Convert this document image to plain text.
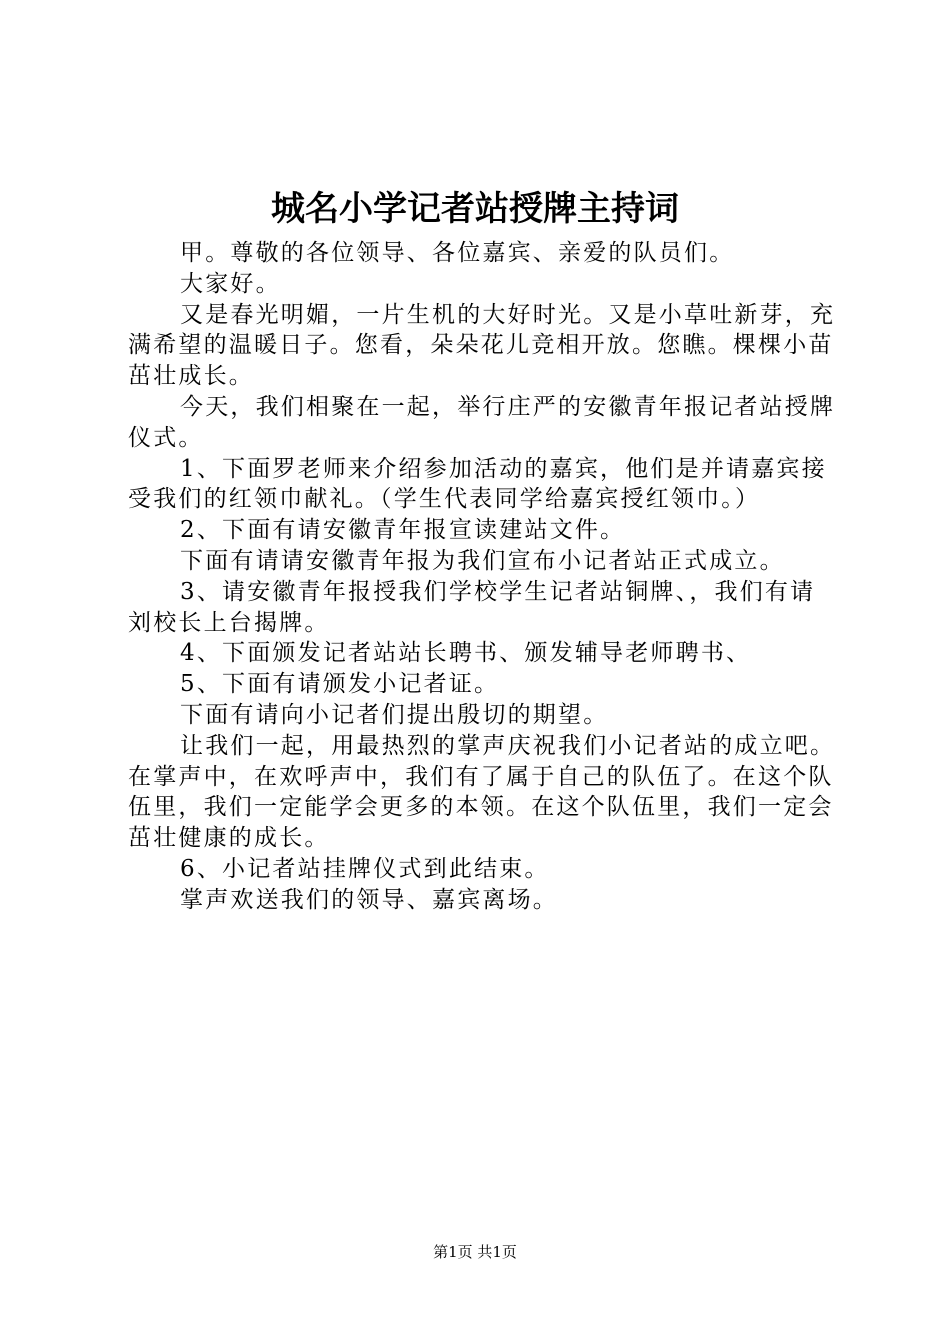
城名小学记者站授牌主持词

甲。尊敬的各位领导、各位嘉宾、亲爱的队员们。

大家好。

又是春光明媚，一片生机的大好时光。又是小草吐新芽，充满希望的温暖日子。您看，朵朵花儿竞相开放。您瞧。棵棵小苗茁壮成长。

今天，我们相聚在一起，举行庄严的安徽青年报记者站授牌仪式。

1、下面罗老师来介绍参加活动的嘉宾，他们是并请嘉宾接受我们的红领巾献礼。（学生代表同学给嘉宾授红领巾。）

2、下面有请安徽青年报宣读建站文件。

下面有请请安徽青年报为我们宣布小记者站正式成立。

3、请安徽青年报授我们学校学生记者站铜牌、，我们有请刘校长上台揭牌。

4、下面颁发记者站站长聘书、颁发辅导老师聘书、

5、下面有请颁发小记者证。

下面有请向小记者们提出殷切的期望。

让我们一起，用最热烈的掌声庆祝我们小记者站的成立吧。在掌声中，在欢呼声中，我们有了属于自己的队伍了。在这个队伍里，我们一定能学会更多的本领。在这个队伍里，我们一定会茁壮健康的成长。

6、小记者站挂牌仪式到此结束。

掌声欢送我们的领导、嘉宾离场。

第1页 共1页
